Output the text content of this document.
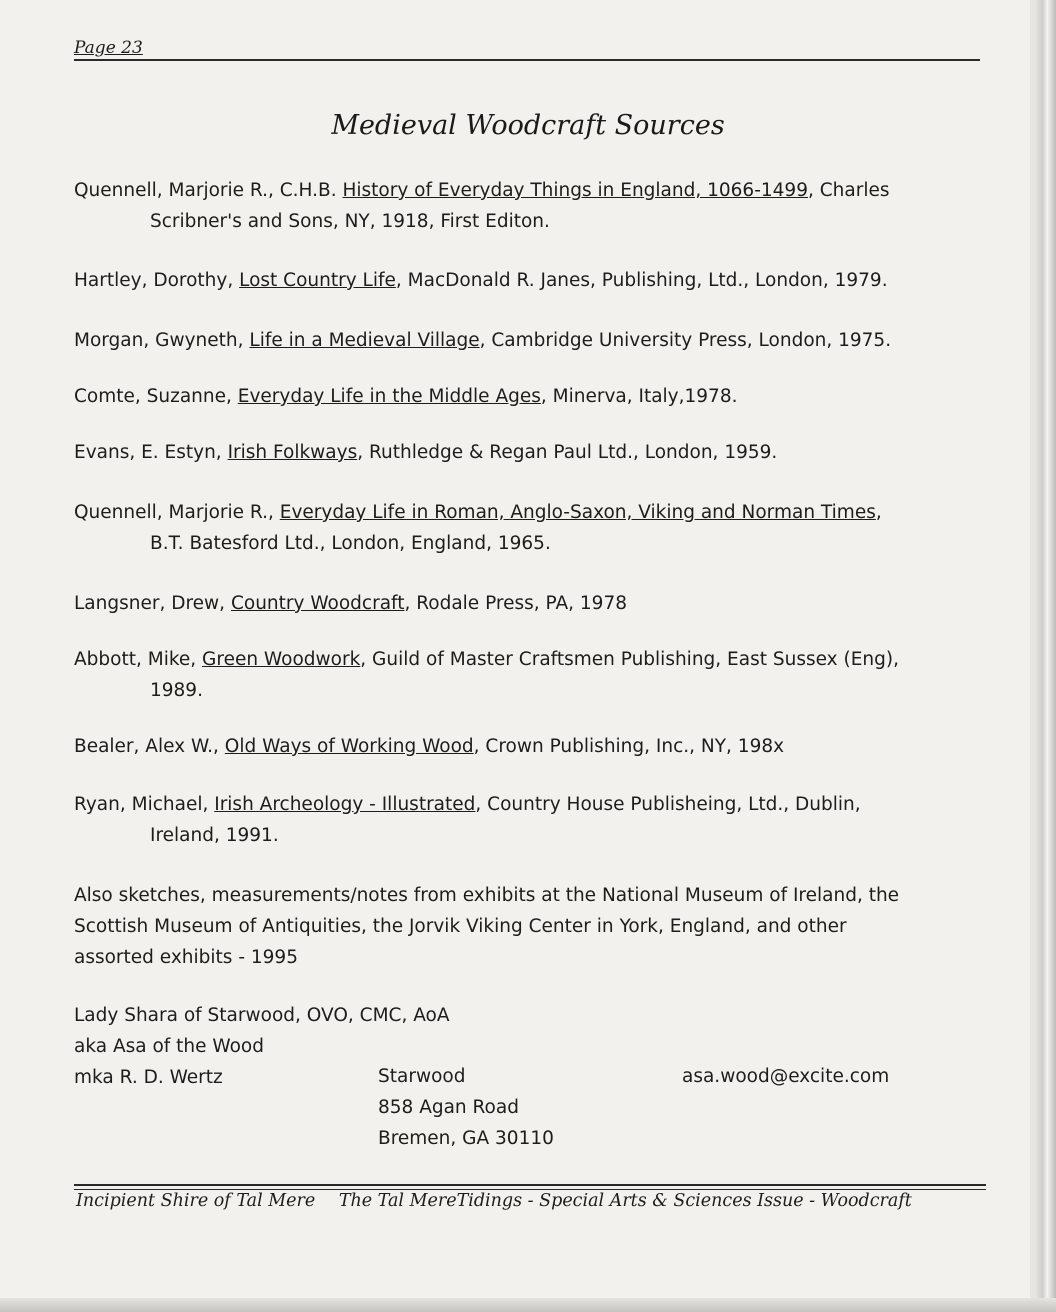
Page 23
Medieval Woodcraft Sources
Quennell, Marjorie R., C.H.B. History of Everyday Things in England, 1066-1499, Charles
Scribner's and Sons, NY, 1918, First Editon.
Hartley, Dorothy, Lost Country Life, MacDonald R. Janes, Publishing, Ltd., London, 1979.
Morgan, Gwyneth, Life in a Medieval Village, Cambridge University Press, London, 1975.
Comte, Suzanne, Everyday Life in the Middle Ages, Minerva, Italy,1978.
Evans, E. Estyn, Irish Folkways, Ruthledge & Regan Paul Ltd., London, 1959.
Quennell, Marjorie R., Everyday Life in Roman, Anglo-Saxon, Viking and Norman Times,
B.T. Batesford Ltd., London, England, 1965.
Langsner, Drew, Country Woodcraft, Rodale Press, PA, 1978
Abbott, Mike, Green Woodwork, Guild of Master Craftsmen Publishing, East Sussex (Eng),
1989.
Bealer, Alex W., Old Ways of Working Wood, Crown Publishing, Inc., NY, 198x
Ryan, Michael, Irish Archeology - Illustrated, Country House Publisheing, Ltd., Dublin,
Ireland, 1991.
Also sketches, measurements/notes from exhibits at the National Museum of Ireland, the
Scottish Museum of Antiquities, the Jorvik Viking Center in York, England, and other
assorted exhibits - 1995
Lady Shara of Starwood, OVO, CMC, AoA
aka Asa of the Wood
mka R. D. Wertz	Starwood
858 Agan Road
Bremen, GA 30110
asa.wood@excite.com
Incipient Shire of Tal Mere The Tal MereTidings - Special Arts & Sciences Issue - Woodcraft
